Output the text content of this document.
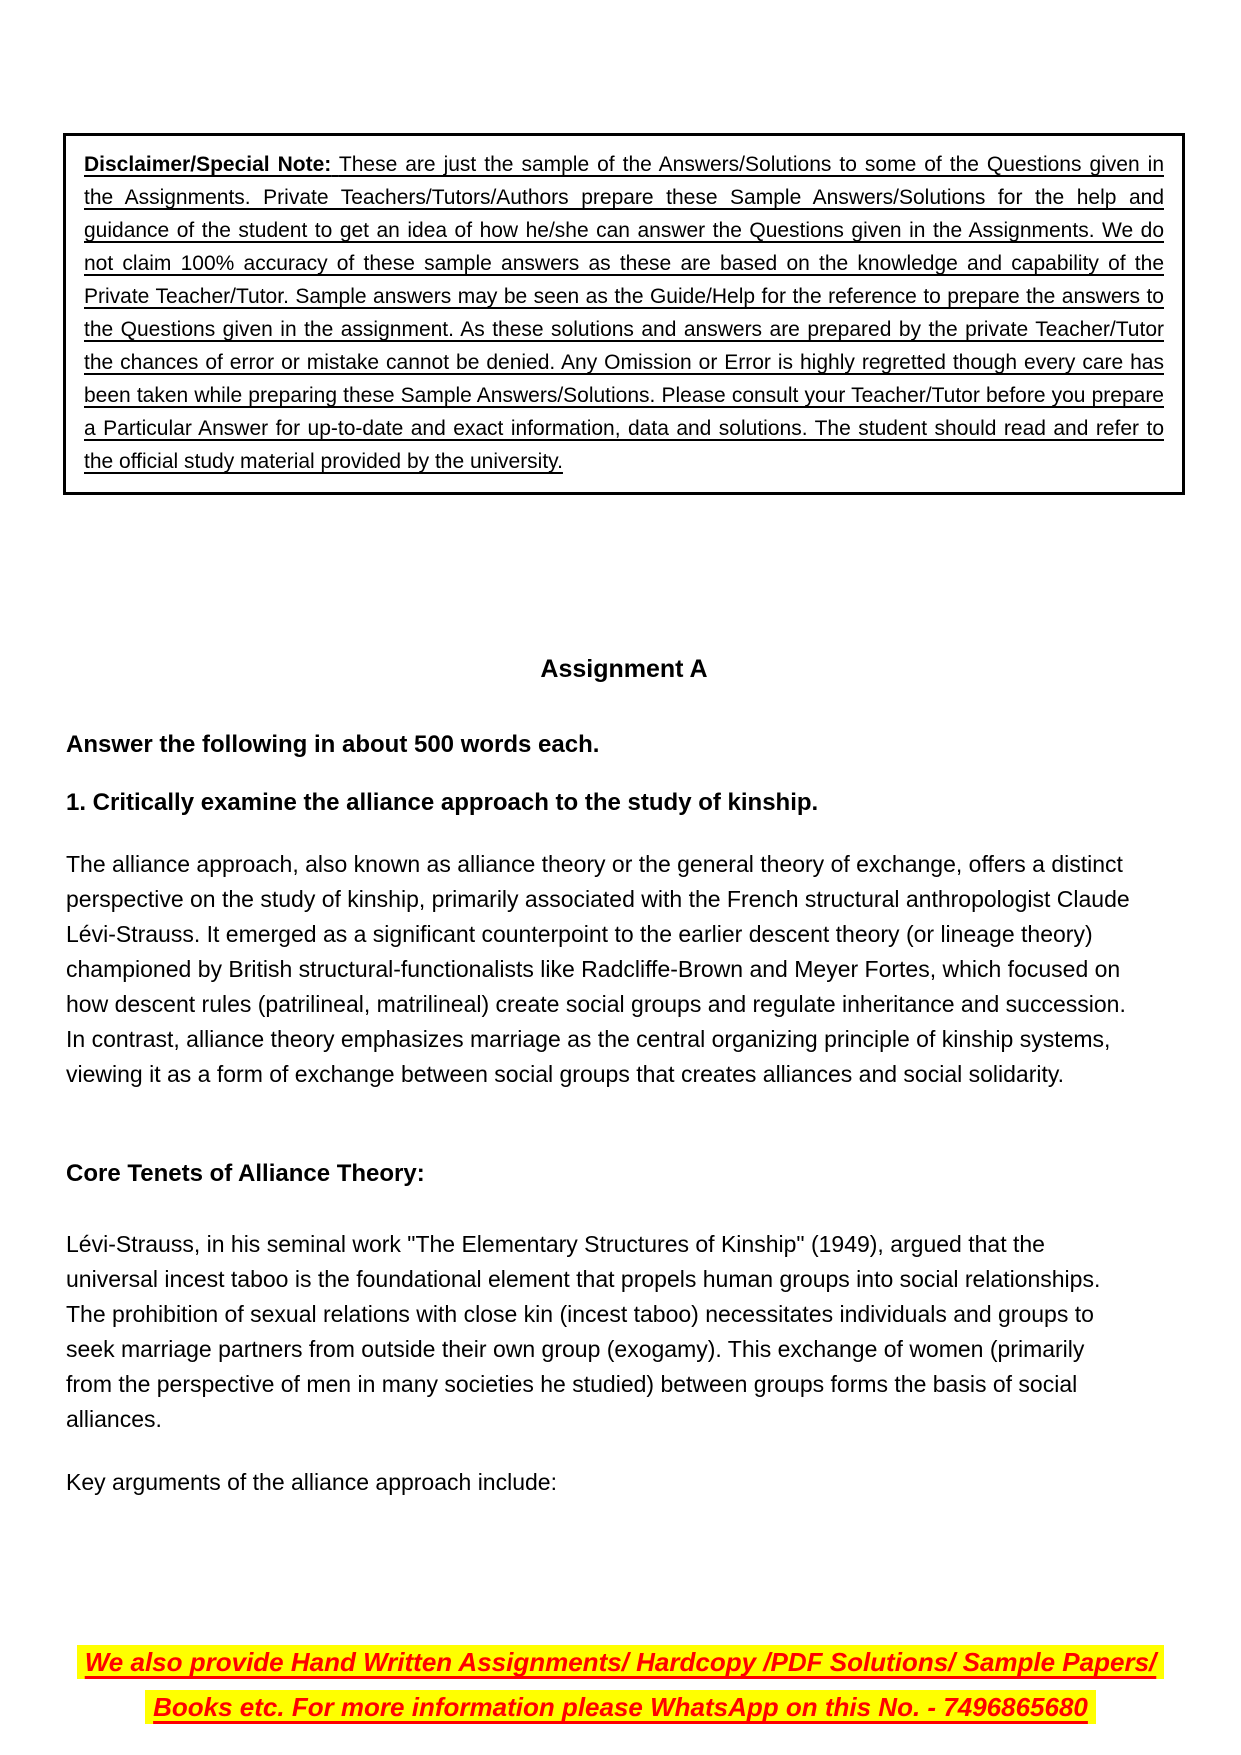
Disclaimer/Special Note: These are just the sample of the Answers/Solutions to some of the Questions given in the Assignments. Private Teachers/Tutors/Authors prepare these Sample Answers/Solutions for the help and guidance of the student to get an idea of how he/she can answer the Questions given in the Assignments. We do not claim 100% accuracy of these sample answers as these are based on the knowledge and capability of the Private Teacher/Tutor. Sample answers may be seen as the Guide/Help for the reference to prepare the answers to the Questions given in the assignment. As these solutions and answers are prepared by the private Teacher/Tutor the chances of error or mistake cannot be denied. Any Omission or Error is highly regretted though every care has been taken while preparing these Sample Answers/Solutions. Please consult your Teacher/Tutor before you prepare a Particular Answer for up-to-date and exact information, data and solutions. The student should read and refer to the official study material provided by the university.
Assignment A
Answer the following in about 500 words each.
1. Critically examine the alliance approach to the study of kinship.
The alliance approach, also known as alliance theory or the general theory of exchange, offers a distinct perspective on the study of kinship, primarily associated with the French structural anthropologist Claude Lévi-Strauss. It emerged as a significant counterpoint to the earlier descent theory (or lineage theory) championed by British structural-functionalists like Radcliffe-Brown and Meyer Fortes, which focused on how descent rules (patrilineal, matrilineal) create social groups and regulate inheritance and succession. In contrast, alliance theory emphasizes marriage as the central organizing principle of kinship systems, viewing it as a form of exchange between social groups that creates alliances and social solidarity.
Core Tenets of Alliance Theory:
Lévi-Strauss, in his seminal work "The Elementary Structures of Kinship" (1949), argued that the universal incest taboo is the foundational element that propels human groups into social relationships. The prohibition of sexual relations with close kin (incest taboo) necessitates individuals and groups to seek marriage partners from outside their own group (exogamy). This exchange of women (primarily from the perspective of men in many societies he studied) between groups forms the basis of social alliances.
Key arguments of the alliance approach include:
We also provide Hand Written Assignments/ Hardcopy /PDF Solutions/ Sample Papers/
Books etc. For more information please WhatsApp on this No. - 7496865680
